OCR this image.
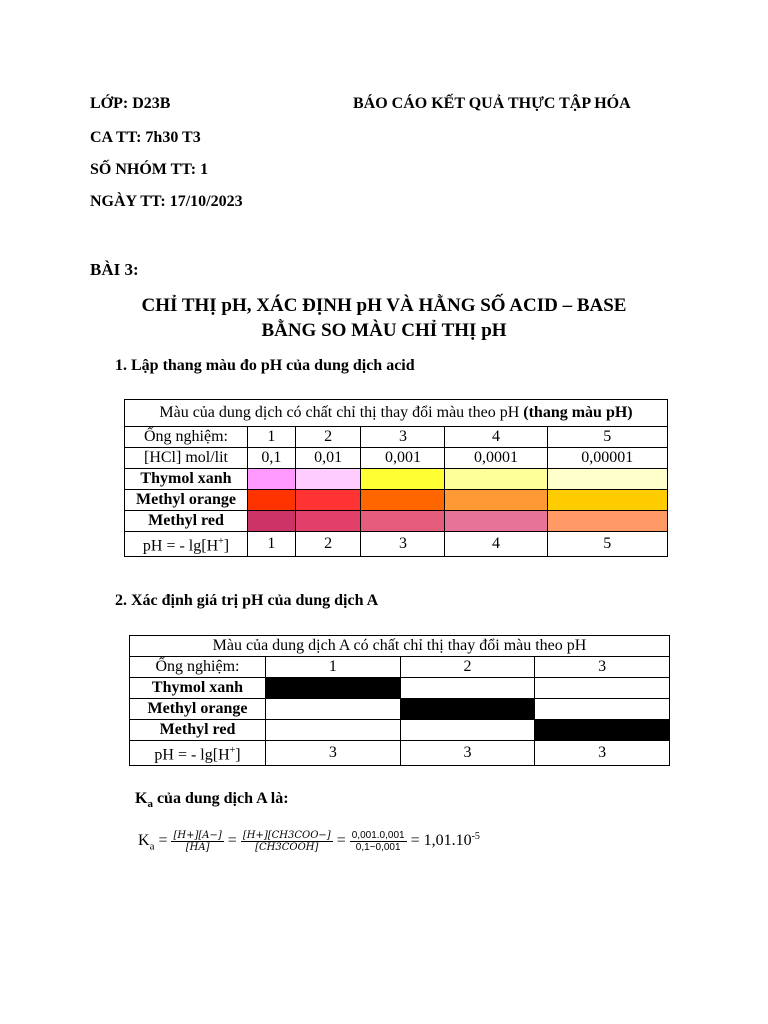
LỚP: D23B	BÁO CÁO KẾT QUẢ THỰC TẬP HÓA
CA TT: 7h30 T3
SỐ NHÓM TT: 1
NGÀY TT: 17/10/2023
BÀI 3:
CHỈ THỊ pH, XÁC ĐỊNH pH VÀ HẰNG SỐ ACID – BASE
BẰNG SO MÀU CHỈ THỊ pH
1. Lập thang màu đo pH của dung dịch acid
Màu của dung dịch có chất chỉ thị thay đổi màu theo pH (thang màu pH)					
Ống nghiệm:	1	2	3	4	5
[HCl] mol/lit	0,1	0,01	0,001	0,0001	0,00001
Thymol xanh					
Methyl orange					
Methyl red					
pH = - lg[H+]	1	2	3	4	5
2. Xác định giá trị pH của dung dịch A
Màu của dung dịch A có chất chỉ thị thay đổi màu theo pH			
Ống nghiệm:	1	2	3
Thymol xanh			
Methyl orange			
Methyl red			
pH = - lg[H+]	3	3	3
$K_a$ của dung dịch A là:
$K_a = \frac{[H+][A-]}{[HA]} = \frac{\text{[H+][CH3COO−]}}{\text{[CH3COOH]}} = \frac{0,001.0,001}{0,1-0,001} = 1,01.10^{-5}$
